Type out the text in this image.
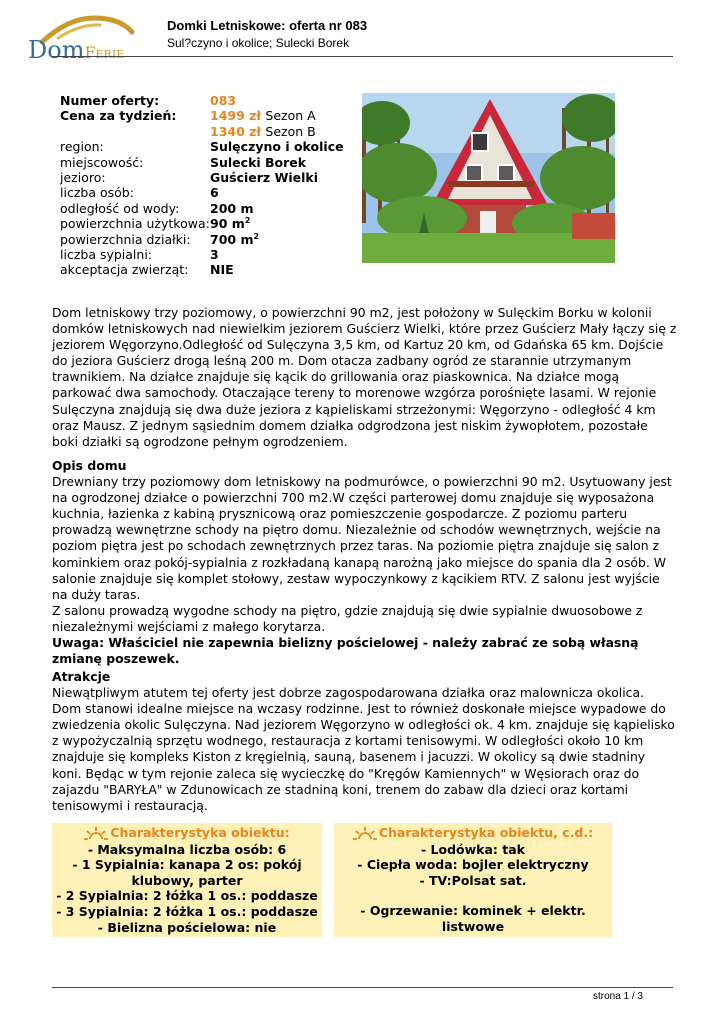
DomFerie
Domki Letniskowe: oferta nr 083
Sul?czyno i okolice; Sulecki Borek
Numer oferty:	083
Cena za tydzień:	1499 zł Sezon A
1340 zł Sezon B
region:	Sulęczyno i okolice
miejscowość:	Sulecki Borek
jezioro:	Guścierz Wielki
liczba osób:	6
odległość od wody:	200 m
powierzchnia użytkowa: 90 $m^2$
powierzchnia działki:	700 $m^2$
liczba sypialni:	3
akceptacja zwierząt:	NIE

Dom letniskowy trzy poziomowy, o powierzchni 90 m2, jest położony w Sulęckim Borku w kolonii domków letniskowych nad niewielkim jeziorem Guścierz Wielki, które przez Guścierz Mały łączy się z jeziorem Węgorzyno.Odległość od Sulęczyna 3,5 km, od Kartuz 20 km, od Gdańska 65 km. Dojście do jeziora Guścierz drogą leśną 200 m. Dom otacza zadbany ogród ze starannie utrzymanym trawnikiem. Na działce znajduje się kącik do grillowania oraz piaskownica. Na działce mogą parkować dwa samochody. Otaczające tereny to morenowe wzgórza porośnięte lasami. W rejonie Sulęczyna znajdują się dwa duże jeziora z kąpieliskami strzeżonymi: Węgorzyno - odległość 4 km oraz Mausz. Z jednym sąsiednim domem działka odgrodzona jest niskim żywopłotem, pozostałe boki działki są ogrodzone pełnym ogrodzeniem.

Opis domu

Drewniany trzy poziomowy dom letniskowy na podmurówce, o powierzchni 90 m2. Usytuowany jest na ogrodzonej działce o powierzchni 700 m2.W części parterowej domu znajduje się wyposażona kuchnia, łazienka z kabiną prysznicową oraz pomieszczenie gospodarcze. Z poziomu parteru prowadzą wewnętrzne schody na piętro domu. Niezależnie od schodów wewnętrznych, wejście na poziom piętra jest po schodach zewnętrznych przez taras. Na poziomie piętra znajduje się salon z kominkiem oraz pokój-sypialnia z rozkładaną kanapą narożną jako miejsce do spania dla 2 osób. W salonie znajduje się komplet stołowy, zestaw wypoczynkowy z kącikiem RTV. Z salonu jest wyjście na duży taras.

Z salonu prowadzą wygodne schody na piętro, gdzie znajdują się dwie sypialnie dwuosobowe z niezależnymi wejściami z małego korytarza.

Uwaga: Właściciel nie zapewnia bielizny pościelowej - należy zabrać ze sobą własną zmianę poszewek.

Atrakcje

Niewątpliwym atutem tej oferty jest dobrze zagospodarowana działka oraz malownicza okolica. Dom stanowi idealne miejsce na wczasy rodzinne. Jest to również doskonałe miejsce wypadowe do zwiedzenia okolic Sulęczyna. Nad jeziorem Węgorzyno w odległości ok. 4 km. znajduje się kąpielisko z wypożyczalnią sprzętu wodnego, restauracja z kortami tenisowymi. W odległości około 10 km znajduje się kompleks Kiston z kręgielnią, sauną, basenem i jacuzzi. W okolicy są dwie stadniny koni. Będąc w tym rejonie zaleca się wycieczkę do "Kręgów Kamiennych" w Węsiorach oraz do zajazdu "BARYŁA" w Zdunowicach ze stadniną koni, trenem do zabaw dla dzieci oraz kortami tenisowymi i restauracją.

Charakterystyka obiektu:
- Maksymalna liczba osób: 6
- 1 Sypialnia: kanapa 2 os: pokój
klubowy, parter
- 2 Sypialnia: 2 łóżka 1 os.: poddasze
- 3 Sypialnia: 2 łóżka 1 os.: poddasze
- Bielizna pościelowa: nie
Charakterystyka obiektu, c.d.:
- Lodówka: tak
- Ciepła woda: bojler elektryczny
- TV:Polsat sat.
- Ogrzewanie: kominek + elektr.
listwowe
strona 1 / 3
